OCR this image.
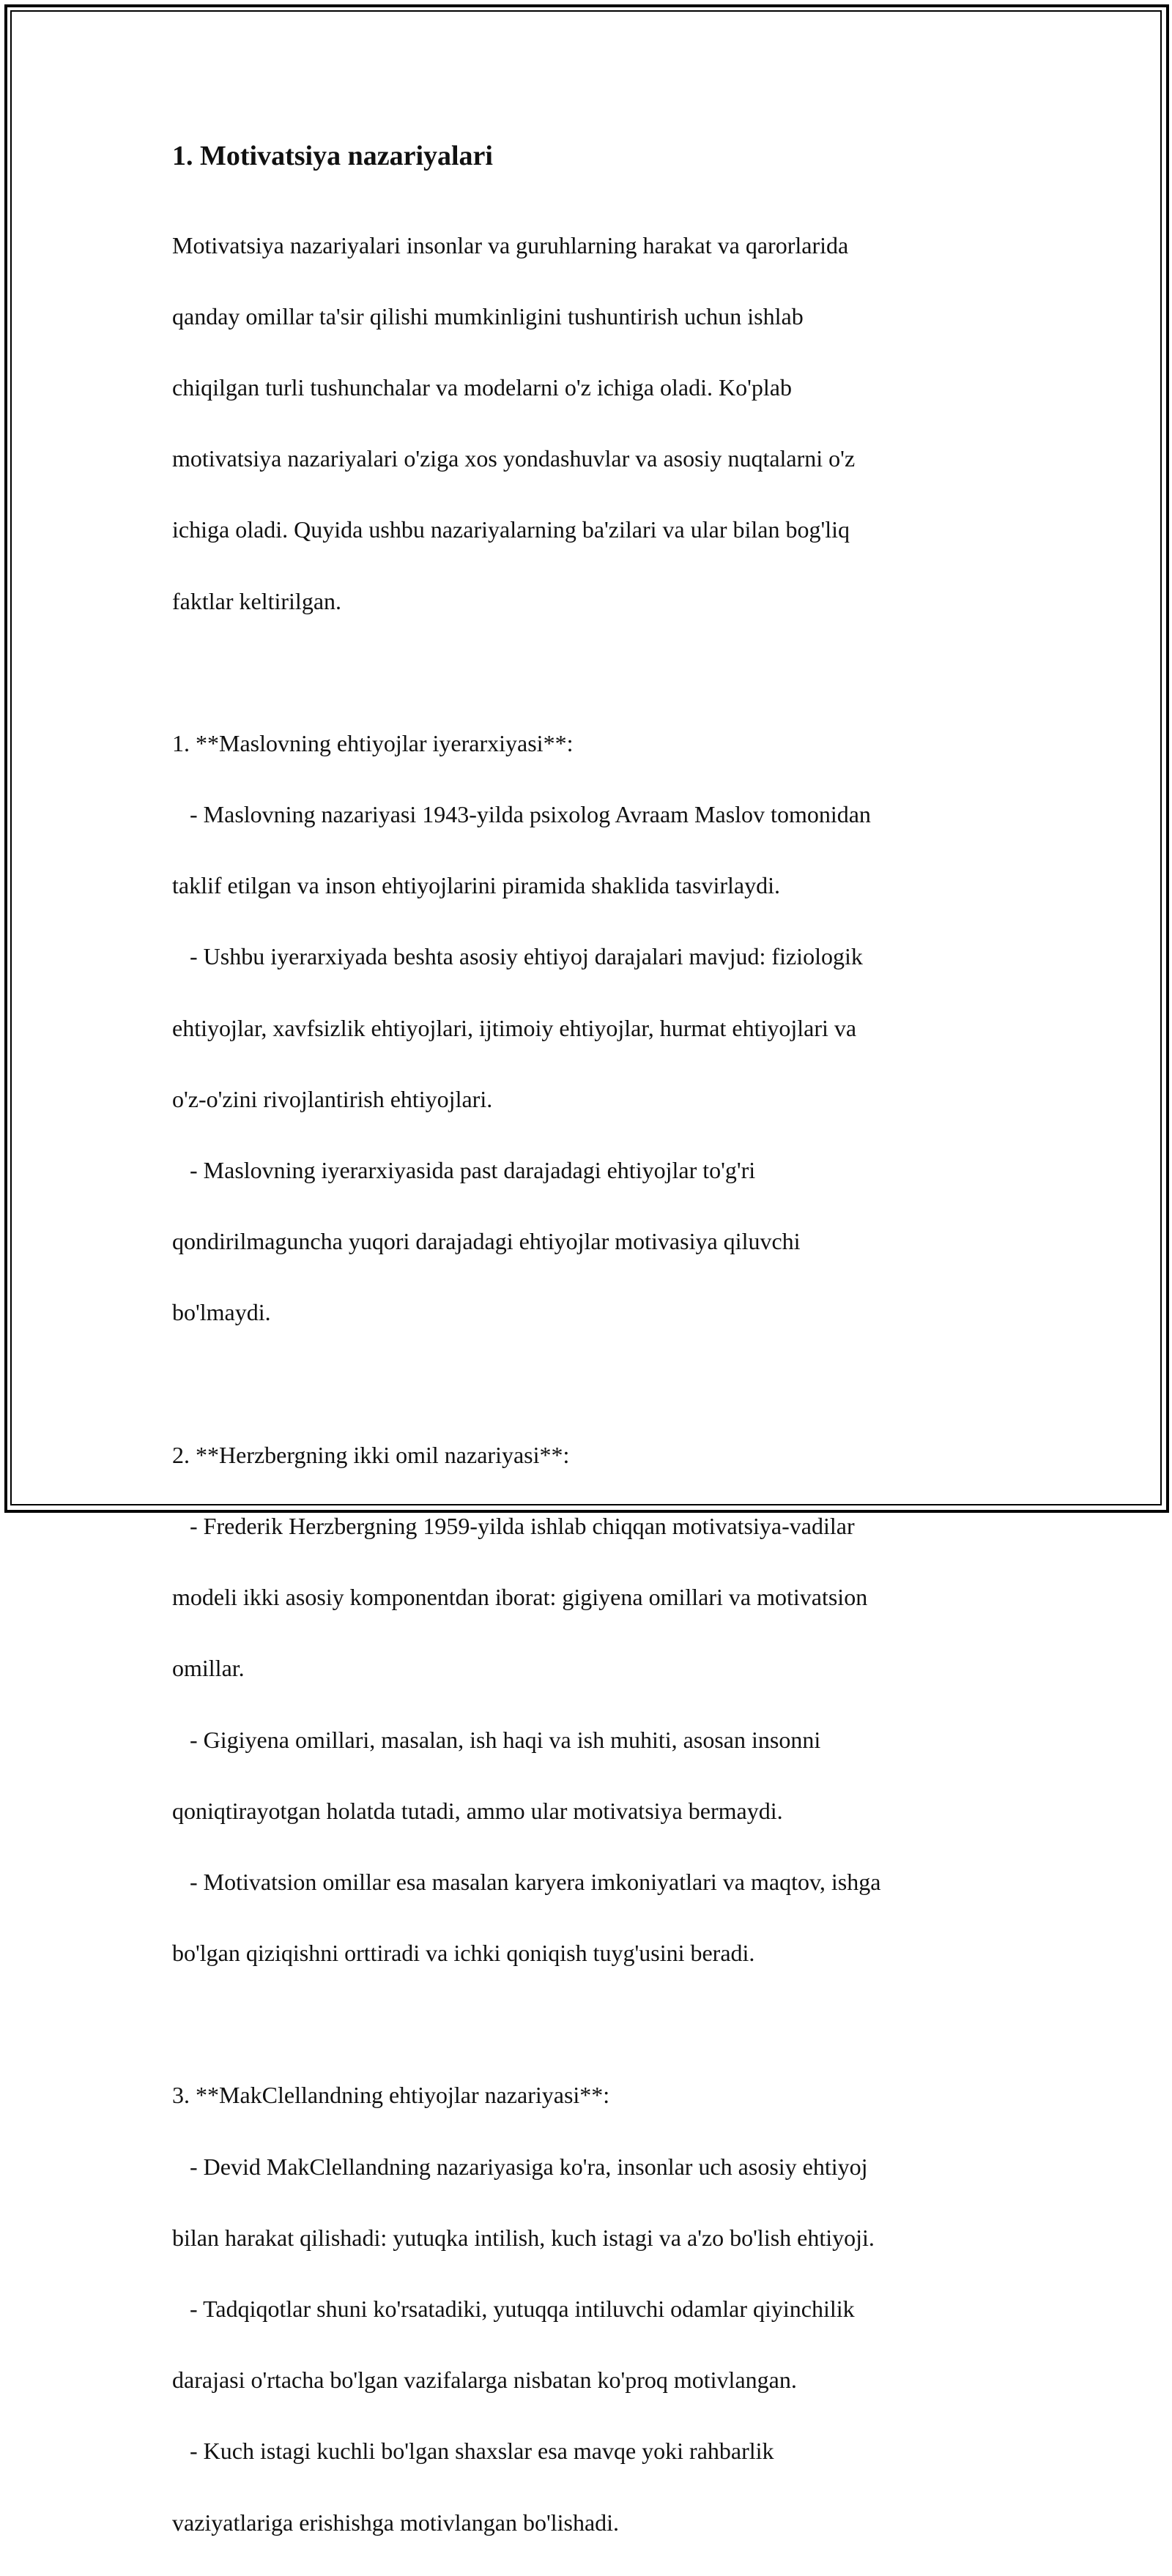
1. Motivatsiya nazariyalari

Motivatsiya nazariyalari insonlar va guruhlarning harakat va qarorlarida

qanday omillar ta'sir qilishi mumkinligini tushuntirish uchun ishlab

chiqilgan turli tushunchalar va modelarni o'z ichiga oladi. Ko'plab

motivatsiya nazariyalari o'ziga xos yondashuvlar va asosiy nuqtalarni o'z

ichiga oladi. Quyida ushbu nazariyalarning ba'zilari va ular bilan bog'liq

faktlar keltirilgan.

1. **Maslovning ehtiyojlar iyerarxiyasi**:

- Maslovning nazariyasi 1943-yilda psixolog Avraam Maslov tomonidan

taklif etilgan va inson ehtiyojlarini piramida shaklida tasvirlaydi.

- Ushbu iyerarxiyada beshta asosiy ehtiyoj darajalari mavjud: fiziologik

ehtiyojlar, xavfsizlik ehtiyojlari, ijtimoiy ehtiyojlar, hurmat ehtiyojlari va

o'z-o'zini rivojlantirish ehtiyojlari.

- Maslovning iyerarxiyasida past darajadagi ehtiyojlar to'g'ri

qondirilmaguncha yuqori darajadagi ehtiyojlar motivasiya qiluvchi

bo'lmaydi.

2. **Herzbergning ikki omil nazariyasi**:

- Frederik Herzbergning 1959-yilda ishlab chiqqan motivatsiya-vadilar

modeli ikki asosiy komponentdan iborat: gigiyena omillari va motivatsion

omillar.

- Gigiyena omillari, masalan, ish haqi va ish muhiti, asosan insonni

qoniqtirayotgan holatda tutadi, ammo ular motivatsiya bermaydi.

- Motivatsion omillar esa masalan karyera imkoniyatlari va maqtov, ishga

bo'lgan qiziqishni orttiradi va ichki qoniqish tuyg'usini beradi.

3. **MakClellandning ehtiyojlar nazariyasi**:

- Devid MakClellandning nazariyasiga ko'ra, insonlar uch asosiy ehtiyoj

bilan harakat qilishadi: yutuqka intilish, kuch istagi va a'zo bo'lish ehtiyoji.

- Tadqiqotlar shuni ko'rsatadiki, yutuqqa intiluvchi odamlar qiyinchilik

darajasi o'rtacha bo'lgan vazifalarga nisbatan ko'proq motivlangan.

- Kuch istagi kuchli bo'lgan shaxslar esa mavqe yoki rahbarlik

vaziyatlariga erishishga motivlangan bo'lishadi.
